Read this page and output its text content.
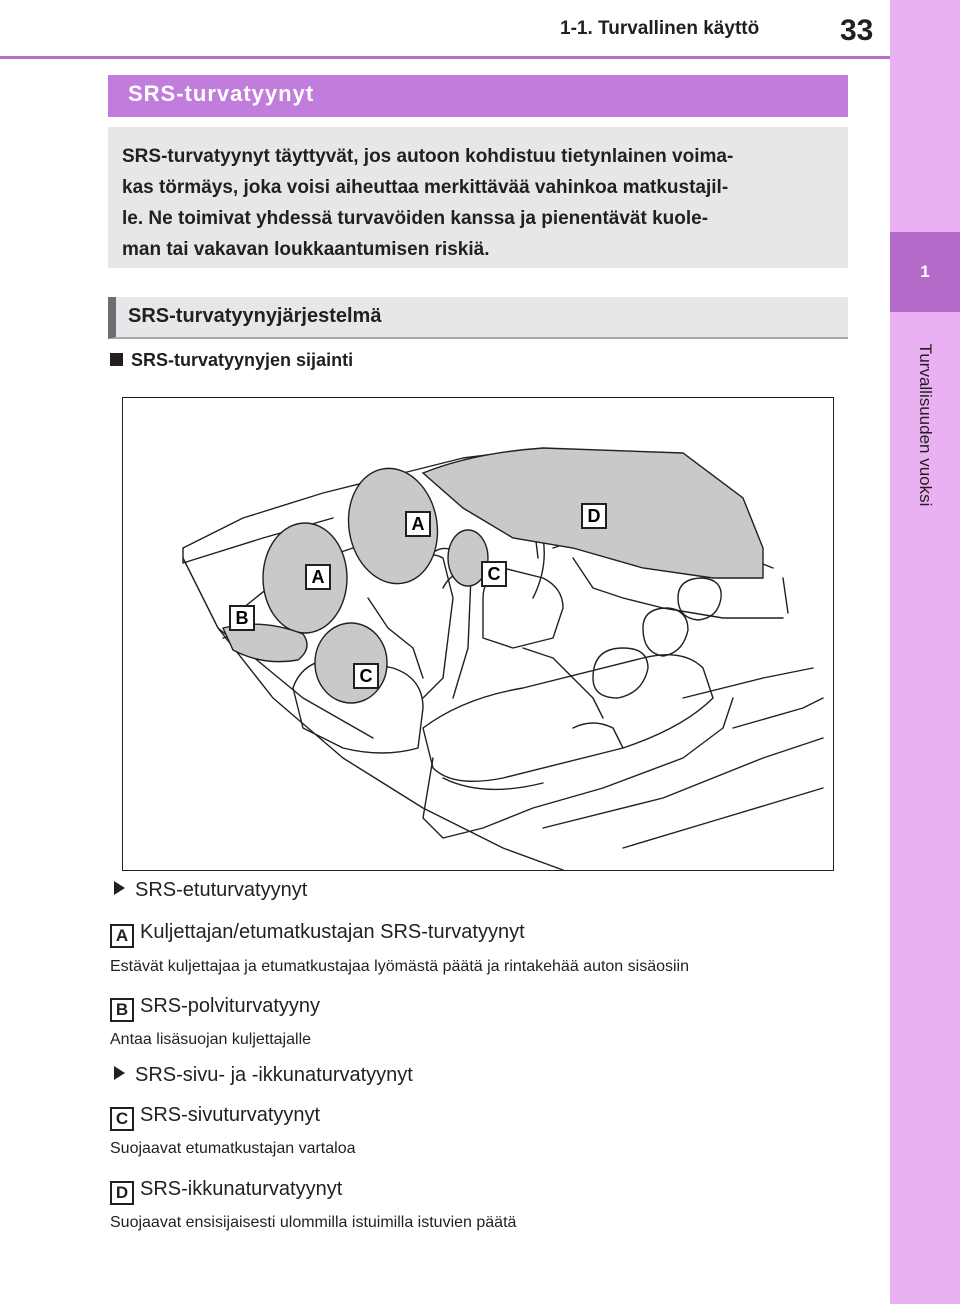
1-1. Turvallinen käyttö	33
1
Turvallisuuden vuoksi
SRS-turvatyynyt
SRS-turvatyynyt täyttyvät, jos autoon kohdistuu tietynlainen voima-
kas törmäys, joka voisi aiheuttaa merkittävää vahinkoa matkustajil-
le. Ne toimivat yhdessä turvavöiden kanssa ja pienentävät kuole-
man tai vakavan loukkaantumisen riskiä.
SRS-turvatyynyjärjestelmä
SRS-turvatyynyjen sijainti
A
A
B
C
C
D
SRS-etuturvatyynyt
A Kuljettajan/etumatkustajan SRS-turvatyynyt
Estävät kuljettajaa ja etumatkustajaa lyömästä päätä ja rintakehää auton sisäosiin
B SRS-polviturvatyyny
Antaa lisäsuojan kuljettajalle
SRS-sivu- ja -ikkunaturvatyynyt
C SRS-sivuturvatyynyt
Suojaavat etumatkustajan vartaloa
D SRS-ikkunaturvatyynyt
Suojaavat ensisijaisesti ulommilla istuimilla istuvien päätä
